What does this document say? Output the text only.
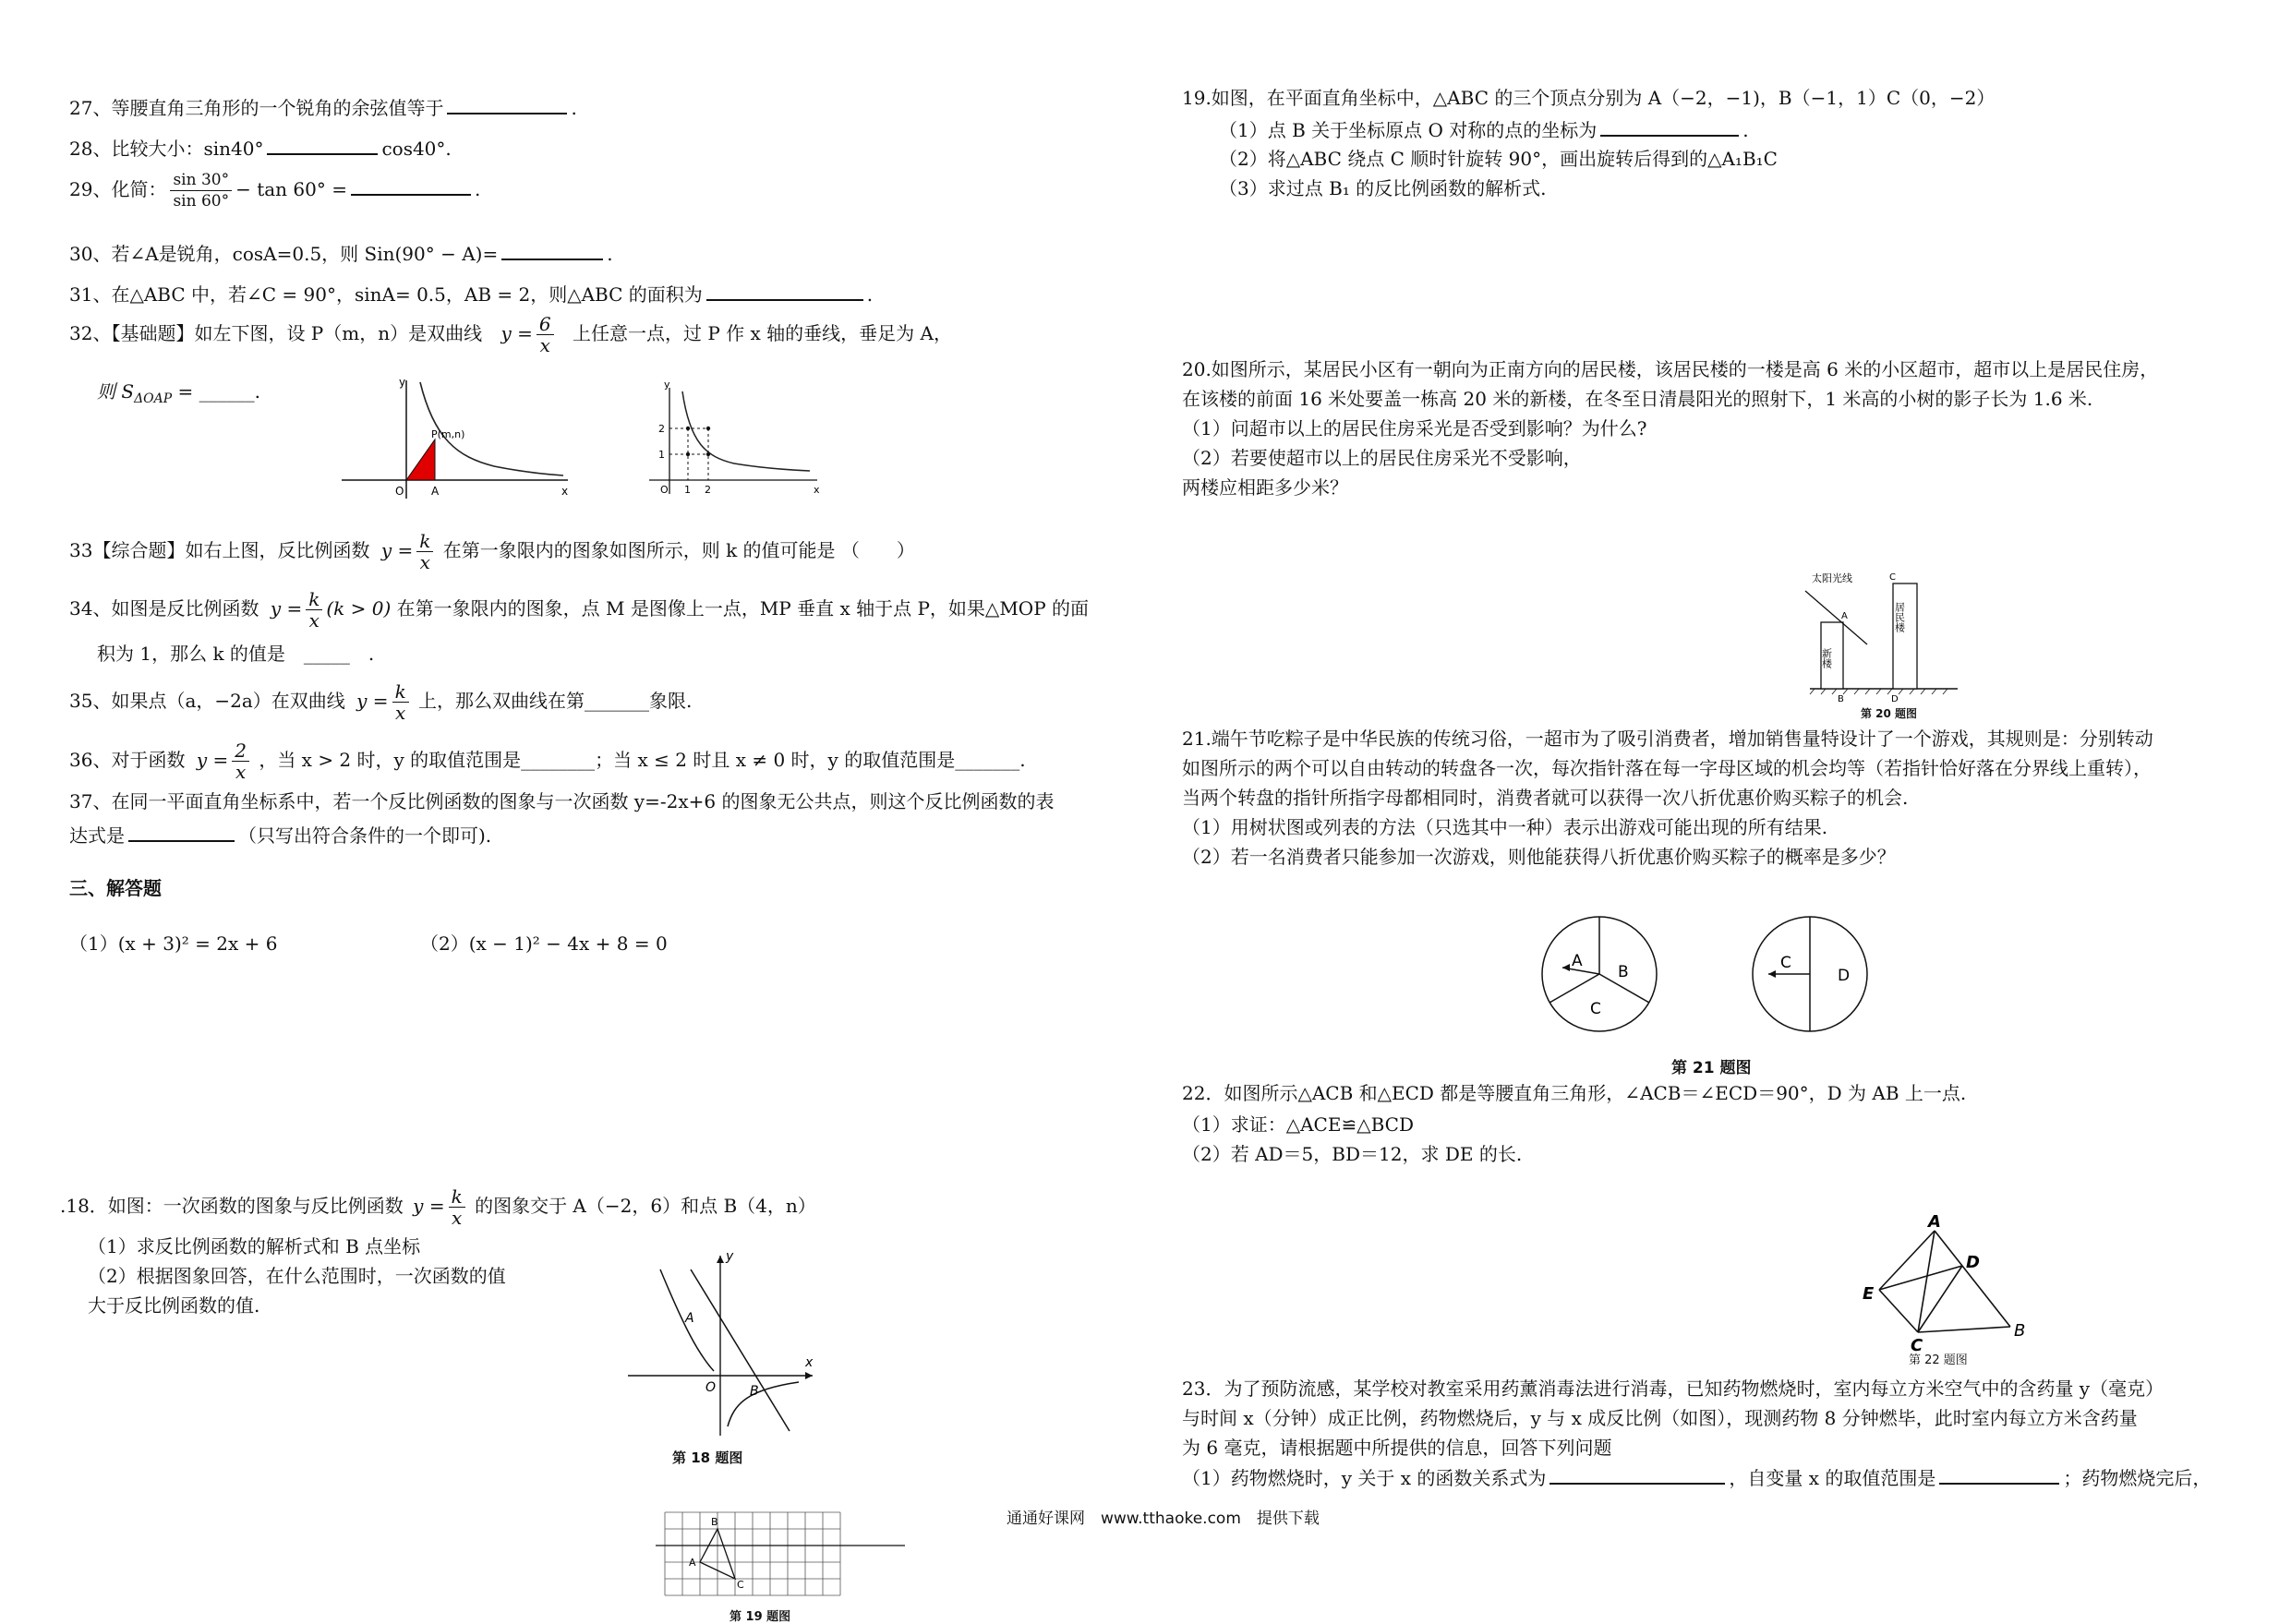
27、等腰直角三角形的一个锐角的余弦值等于	.
28、比较大小：sin40°	cos40°.
29、化简： $\frac{\sin 30^\circ}{\sin 60^\circ} - \tan 60^\circ$ =	.
30、若∠A是锐角，cosA=0.5，则 Sin(90° − A)=	.
31、在△ABC 中，若∠C = 90°，sinA= 0.5，AB = 2，则△ABC 的面积为	.
32、【基础题】如左下图，设 P（m，n）是双曲线 $y = \frac{6}{x}$ 上任意一点，过 P 作 x 轴的垂线，垂足为 A，
则 $S_{\Delta OAP}$ = ______.	y
x
O
P(m,n)
A
y
x
O 1 2
1
2
33【综合题】如右上图，反比例函数 $y = \frac{k}{x}$ 在第一象限内的图象如图所示，则 k 的值可能是 （　　）
34、如图是反比例函数 $y = \frac{k}{x} (k > 0)$ 在第一象限内的图象，点 M 是图像上一点，MP 垂直 x 轴于点 P，如果△MOP 的面
积为 1，那么 k 的值是　_____　.
35、如果点（a，−2a）在双曲线 $y = \frac{k}{x}$ 上，那么双曲线在第_______象限.
36、对于函数 $y = \frac{2}{x}$ ，当 x > 2 时，y 的取值范围是________；当 x ≤ 2 时且 x ≠ 0 时，y 的取值范围是_______.
37、在同一平面直角坐标系中，若一个反比例函数的图象与一次函数 y=-2x+6 的图象无公共点，则这个反比例函数的表
达式是	（只写出符合条件的一个即可).
三、解答题
（1）(x + 3)² = 2x + 6	（2）(x − 1)² − 4x + 8 = 0
.18．如图：一次函数的图象与反比例函数 $y = \frac{k}{x}$ 的图象交于 A（−2，6）和点 B（4，n）
（1）求反比例函数的解析式和 B 点坐标
（2）根据图象回答，在什么范围时，一次函数的值
大于反比例函数的值.
y
x
O
A
B
第 18 题图
B
A
C
第 19 题图
19.如图，在平面直角坐标中，△ABC 的三个顶点分别为 A（−2，−1)，B（−1，1）C（0，−2）
（1）点 B 关于坐标原点 O 对称的点的坐标为	.
（2）将△ABC 绕点 C 顺时针旋转 90°，画出旋转后得到的△A₁B₁C
（3）求过点 B₁ 的反比例函数的解析式.
20.如图所示，某居民小区有一朝向为正南方向的居民楼，该居民楼的一楼是高 6 米的小区超市，超市以上是居民住房，
在该楼的前面 16 米处要盖一栋高 20 米的新楼，在冬至日清晨阳光的照射下，1 米高的小树的影子长为 1.6 米.
（1）问超市以上的居民住房采光是否受到影响？为什么?
（2）若要使超市以上的居民住房采光不受影响，
两楼应相距多少米？
太阳光线
A
C
B	D
新楼
居民楼
第 20 题图
21.端午节吃粽子是中华民族的传统习俗，一超市为了吸引消费者，增加销售量特设计了一个游戏，其规则是：分别转动
如图所示的两个可以自由转动的转盘各一次，每次指针落在每一字母区域的机会均等（若指针恰好落在分界线上重转），
当两个转盘的指针所指字母都相同时，消费者就可以获得一次八折优惠价购买粽子的机会.
（1）用树状图或列表的方法（只选其中一种）表示出游戏可能出现的所有结果.
（2）若一名消费者只能参加一次游戏，则他能获得八折优惠价购买粽子的概率是多少？
A
B
C
C
D
第 21 题图
22．如图所示△ACB 和△ECD 都是等腰直角三角形，∠ACB＝∠ECD＝90°，D 为 AB 上一点.
（1）求证：△ACE≌△BCD
（2）若 AD＝5，BD＝12，求 DE 的长.
A
D
E
C
B
第 22 题图
23．为了预防流感，某学校对教室采用药薰消毒法进行消毒，已知药物燃烧时，室内每立方米空气中的含药量 y（毫克）
与时间 x（分钟）成正比例，药物燃烧后，y 与 x 成反比例（如图），现测药物 8 分钟燃毕，此时室内每立方米含药量
为 6 毫克，请根据题中所提供的信息，回答下列问题
（1）药物燃烧时，y 关于 x 的函数关系式为	，自变量 x 的取值范围是	；药物燃烧完后，
通通好课网　www.tthaoke.com　提供下载
